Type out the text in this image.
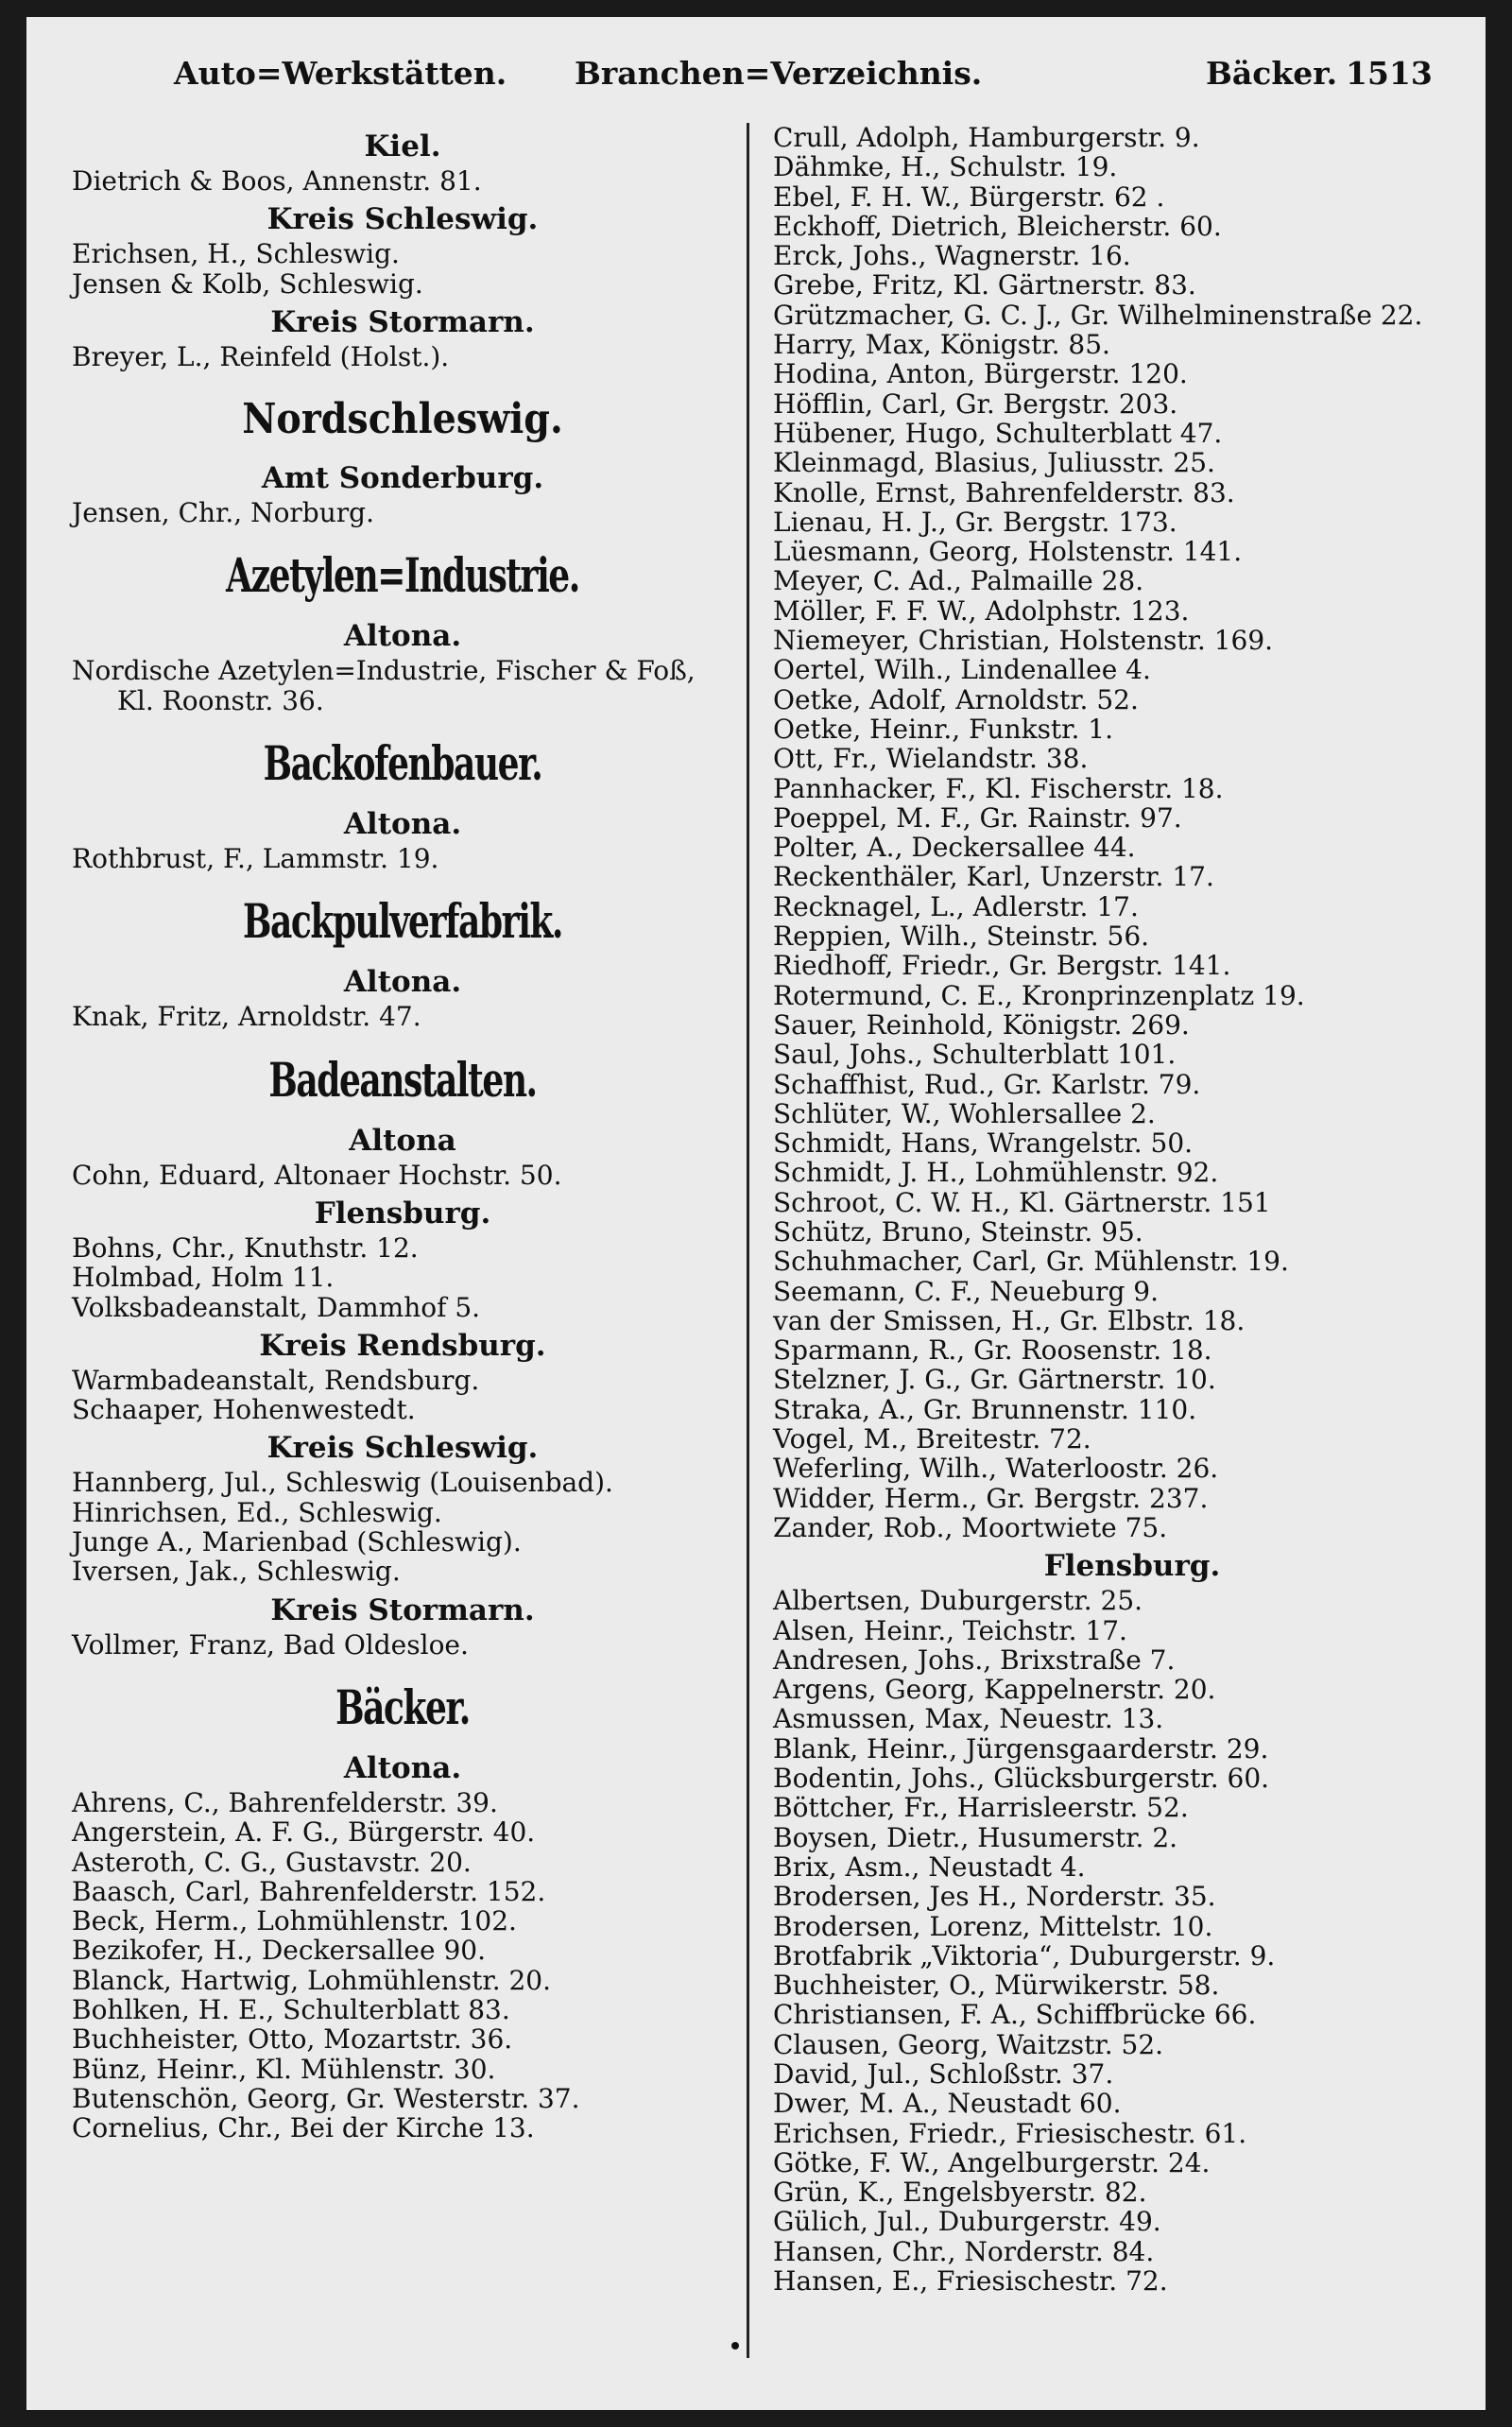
Auto=Werkstätten. Branchen=Verzeichnis.	Bäcker. 1513
Kiel.
Dietrich & Boos, Annenstr. 81.
Kreis Schleswig.
Erichsen, H., Schleswig.
Jensen & Kolb, Schleswig.
Kreis Stormarn.
Breyer, L., Reinfeld (Holst.).
Nordschleswig.
Amt Sonderburg.
Jensen, Chr., Norburg.
Azetylen=Industrie.
Altona.
Nordische Azetylen=Industrie, Fischer & Foß, Kl. Roonstr. 36.
Backofenbauer.
Altona.
Rothbrust, F., Lammstr. 19.
Backpulverfabrik.
Altona.
Knak, Fritz, Arnoldstr. 47.
Badeanstalten.
Altona
Cohn, Eduard, Altonaer Hochstr. 50.
Flensburg.
Bohns, Chr., Knuthstr. 12.
Holmbad, Holm 11.
Volksbadeanstalt, Dammhof 5.
Kreis Rendsburg.
Warmbadeanstalt, Rendsburg.
Schaaper, Hohenwestedt.
Kreis Schleswig.
Hannberg, Jul., Schleswig (Louisenbad).
Hinrichsen, Ed., Schleswig.
Junge A., Marienbad (Schleswig).
Iversen, Jak., Schleswig.
Kreis Stormarn.
Vollmer, Franz, Bad Oldesloe.
Bäcker.
Altona.
Ahrens, C., Bahrenfelderstr. 39.
Angerstein, A. F. G., Bürgerstr. 40.
Asteroth, C. G., Gustavstr. 20.
Baasch, Carl, Bahrenfelderstr. 152.
Beck, Herm., Lohmühlenstr. 102.
Bezikofer, H., Deckersallee 90.
Blanck, Hartwig, Lohmühlenstr. 20.
Bohlken, H. E., Schulterblatt 83.
Buchheister, Otto, Mozartstr. 36.
Bünz, Heinr., Kl. Mühlenstr. 30.
Butenschön, Georg, Gr. Westerstr. 37.
Cornelius, Chr., Bei der Kirche 13.
Crull, Adolph, Hamburgerstr. 9.
Dähmke, H., Schulstr. 19.
Ebel, F. H. W., Bürgerstr. 62 .
Eckhoff, Dietrich, Bleicherstr. 60.
Erck, Johs., Wagnerstr. 16.
Grebe, Fritz, Kl. Gärtnerstr. 83.
Grützmacher, G. C. J., Gr. Wilhelminenstraße 22.
Harry, Max, Königstr. 85.
Hodina, Anton, Bürgerstr. 120.
Höfflin, Carl, Gr. Bergstr. 203.
Hübener, Hugo, Schulterblatt 47.
Kleinmagd, Blasius, Juliusstr. 25.
Knolle, Ernst, Bahrenfelderstr. 83.
Lienau, H. J., Gr. Bergstr. 173.
Lüesmann, Georg, Holstenstr. 141.
Meyer, C. Ad., Palmaille 28.
Möller, F. F. W., Adolphstr. 123.
Niemeyer, Christian, Holstenstr. 169.
Oertel, Wilh., Lindenallee 4.
Oetke, Adolf, Arnoldstr. 52.
Oetke, Heinr., Funkstr. 1.
Ott, Fr., Wielandstr. 38.
Pannhacker, F., Kl. Fischerstr. 18.
Poeppel, M. F., Gr. Rainstr. 97.
Polter, A., Deckersallee 44.
Reckenthäler, Karl, Unzerstr. 17.
Recknagel, L., Adlerstr. 17.
Reppien, Wilh., Steinstr. 56.
Riedhoff, Friedr., Gr. Bergstr. 141.
Rotermund, C. E., Kronprinzenplatz 19.
Sauer, Reinhold, Königstr. 269.
Saul, Johs., Schulterblatt 101.
Schaffhist, Rud., Gr. Karlstr. 79.
Schlüter, W., Wohlersallee 2.
Schmidt, Hans, Wrangelstr. 50.
Schmidt, J. H., Lohmühlenstr. 92.
Schroot, C. W. H., Kl. Gärtnerstr. 151
Schütz, Bruno, Steinstr. 95.
Schuhmacher, Carl, Gr. Mühlenstr. 19.
Seemann, C. F., Neueburg 9.
van der Smissen, H., Gr. Elbstr. 18.
Sparmann, R., Gr. Roosenstr. 18.
Stelzner, J. G., Gr. Gärtnerstr. 10.
Straka, A., Gr. Brunnenstr. 110.
Vogel, M., Breitestr. 72.
Weferling, Wilh., Waterloostr. 26.
Widder, Herm., Gr. Bergstr. 237.
Zander, Rob., Moortwiete 75.
Flensburg.
Albertsen, Duburgerstr. 25.
Alsen, Heinr., Teichstr. 17.
Andresen, Johs., Brixstraße 7.
Argens, Georg, Kappelnerstr. 20.
Asmussen, Max, Neuestr. 13.
Blank, Heinr., Jürgensgaarderstr. 29.
Bodentin, Johs., Glücksburgerstr. 60.
Böttcher, Fr., Harrisleerstr. 52.
Boysen, Dietr., Husumerstr. 2.
Brix, Asm., Neustadt 4.
Brodersen, Jes H., Norderstr. 35.
Brodersen, Lorenz, Mittelstr. 10.
Brotfabrik „Viktoria“, Duburgerstr. 9.
Buchheister, O., Mürwikerstr. 58.
Christiansen, F. A., Schiffbrücke 66.
Clausen, Georg, Waitzstr. 52.
David, Jul., Schloßstr. 37.
Dwer, M. A., Neustadt 60.
Erichsen, Friedr., Friesischestr. 61.
Götke, F. W., Angelburgerstr. 24.
Grün, K., Engelsbyerstr. 82.
Gülich, Jul., Duburgerstr. 49.
Hansen, Chr., Norderstr. 84.
Hansen, E., Friesischestr. 72.
